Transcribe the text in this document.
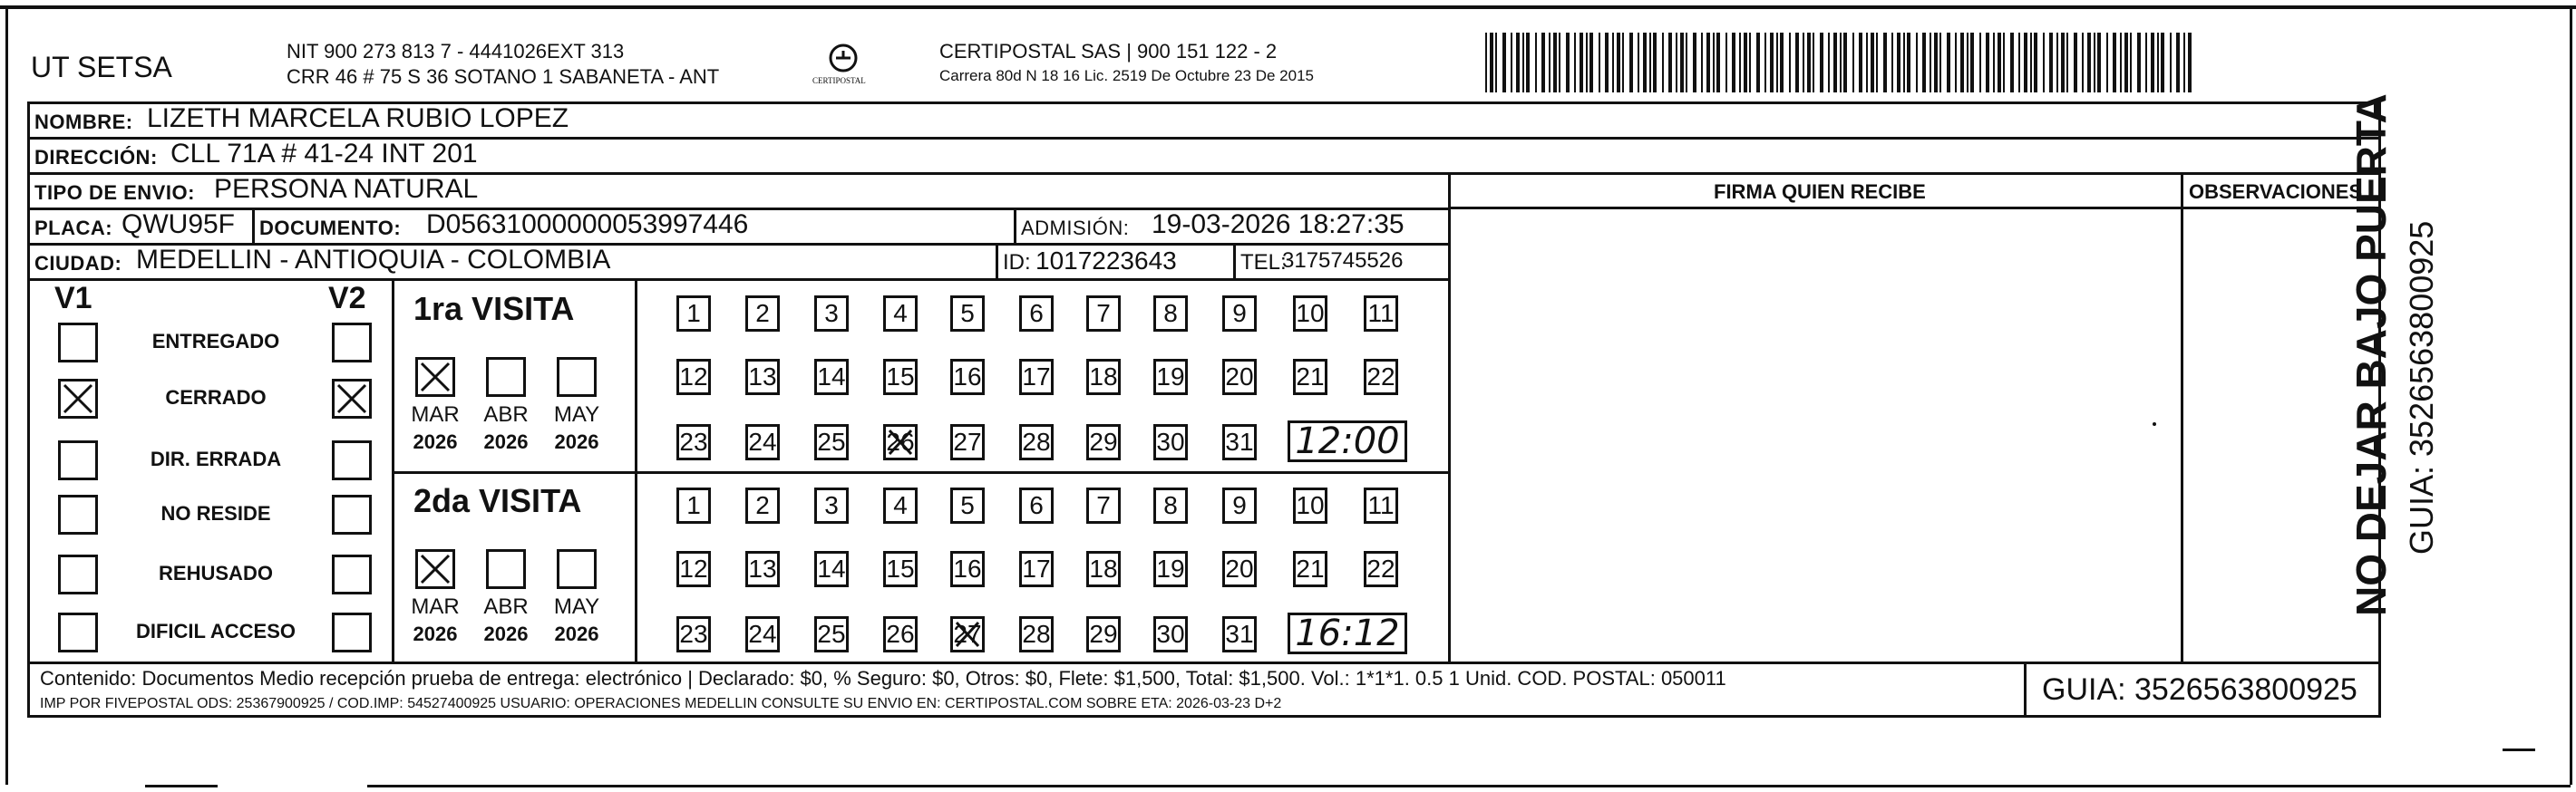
UT SETSA	NIT 900 273 813 7 - 4441026EXT 313
CRR 46 # 75 S 36 SOTANO 1 SABANETA - ANT	CERTIPOSTAL
CERTIPOSTAL SAS | 900 151 122 - 2
Carrera 80d N 18 16 Lic. 2519 De Octubre 23 De 2015
FIRMA QUIEN RECIBE	OBSERVACIONES
NOMBRE: LIZETH MARCELA RUBIO LOPEZ
DIRECCIÓN: CLL 71A # 41-24 INT 201
TIPO DE ENVIO: PERSONA NATURAL
PLACA: QWU95F DOCUMENTO: D05631000000053997446	ADMISIÓN: 19-03-2026 18:27:35
CIUDAD: MEDELLIN - ANTIOQUIA - COLOMBIA	ID: 1017223643	TEL:
3175745526
V1	V2
ENTREGADO
CERRADO
DIR. ERRADA
NO RESIDE
REHUSADO
DIFICIL ACCESO
1ra VISITA
MAR
2026
ABR
2026
MAY
2026
1 2 3 4 5 6 7 8 9 10 11
12 13 14 15 16 17 18 19 20 21 22
23 24 25 26 27 28 29 30 31 12:00
2da VISITA
MAR
2026
ABR
2026
MAY
2026
1 2 3 4 5 6 7 8 9 10 11
12 13 14 15 16 17 18 19 20 21 22
23 24 25 26 27 28 29 30 31 16:12
Contenido: Documentos Medio recepción prueba de entrega: electrónico | Declarado: $0, % Seguro: $0, Otros: $0, Flete: $1,500, Total: $1,500. Vol.: 1*1*1. 0.5 1 Unid. COD. POSTAL: 050011
IMP POR FIVEPOSTAL ODS: 25367900925 / COD.IMP: 54527400925 USUARIO: OPERACIONES MEDELLIN CONSULTE SU ENVIO EN: CERTIPOSTAL.COM SOBRE ETA: 2026-03-23 D+2	GUIA: 3526563800925
NO DEJAR BAJO PUERTA GUIA: 3526563800925
